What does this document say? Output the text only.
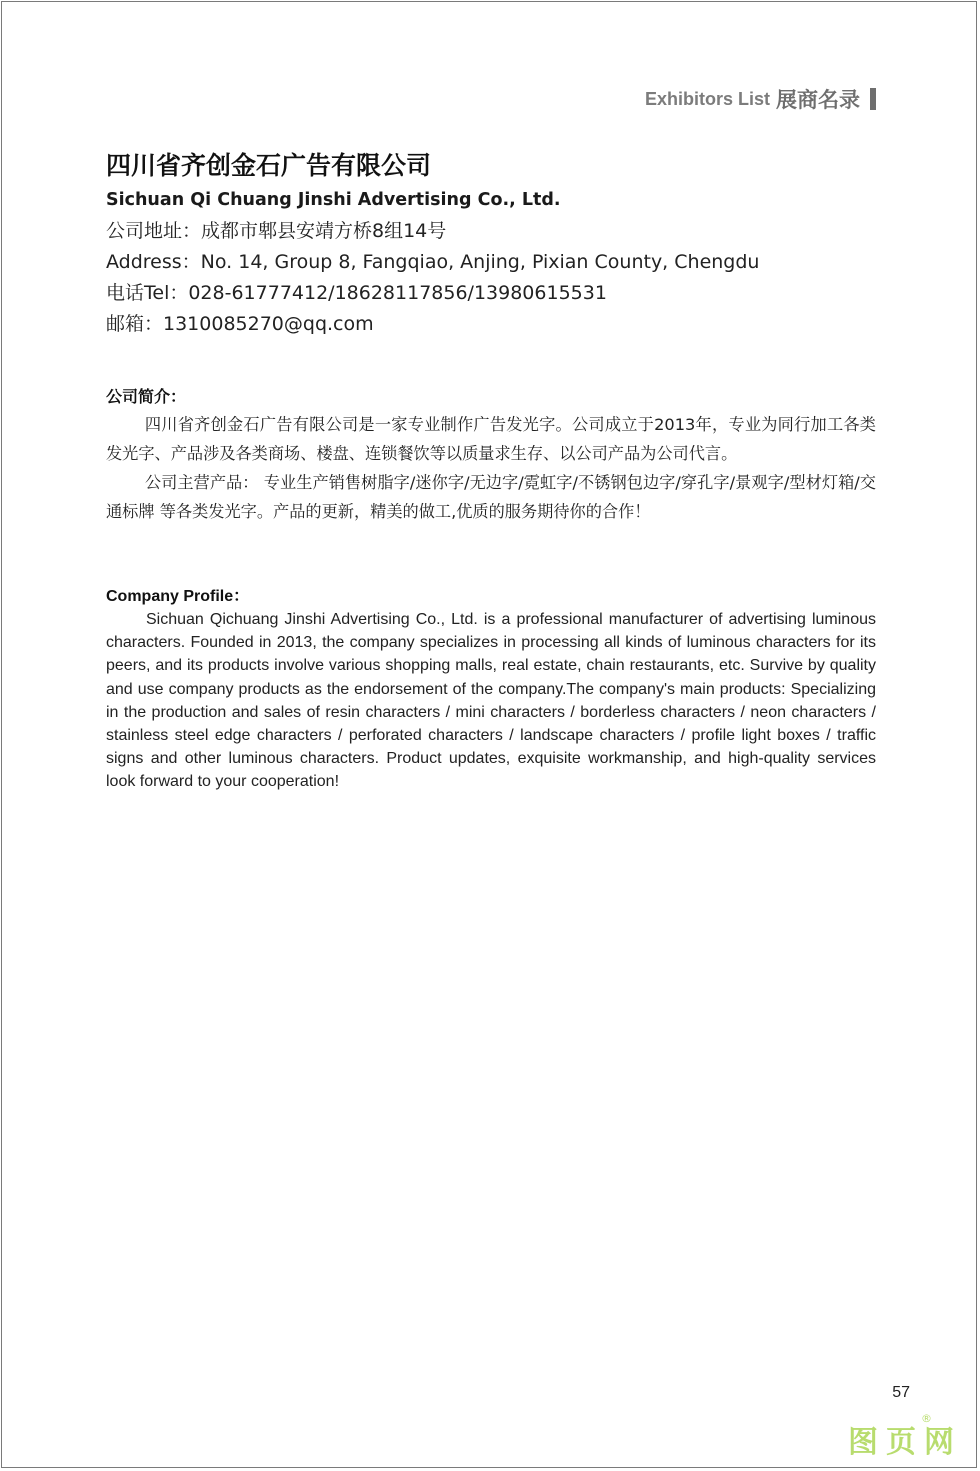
Exhibitors List 展商名录
四川省齐创金石广告有限公司
Sichuan Qi Chuang Jinshi Advertising Co., Ltd.
公司地址：成都市郫县安靖方桥8组14号
Address：No. 14, Group 8, Fangqiao, Anjing, Pixian County, Chengdu
电话Tel：028-61777412/18628117856/13980615531
邮箱：1310085270@qq.com
公司简介：

四川省齐创金石广告有限公司是一家专业制作广告发光字。公司成立于2013年，专业为同行加工各类发光字、产品涉及各类商场、楼盘、连锁餐饮等以质量求生存、以公司产品为公司代言。

公司主营产品： 专业生产销售树脂字/迷你字/无边字/霓虹字/不锈钢包边字/穿孔字/景观字/型材灯箱/交通标牌 等各类发光字。产品的更新，精美的做工,优质的服务期待你的合作！

Company Profile：

Sichuan Qichuang Jinshi Advertising Co., Ltd. is a professional manufacturer of advertising luminous characters. Founded in 2013, the company specializes in processing all kinds of luminous characters for its peers, and its products involve various shopping malls, real estate, chain restaurants, etc. Survive by quality and use company products as the endorsement of the company.The company's main products: Specializing in the production and sales of resin characters / mini characters / borderless characters / neon characters / stainless steel edge characters / perforated characters / landscape characters / profile light boxes / traffic signs and other luminous characters. Product updates, exquisite workmanship, and high-quality services look forward to your cooperation!

57
®
图页网
